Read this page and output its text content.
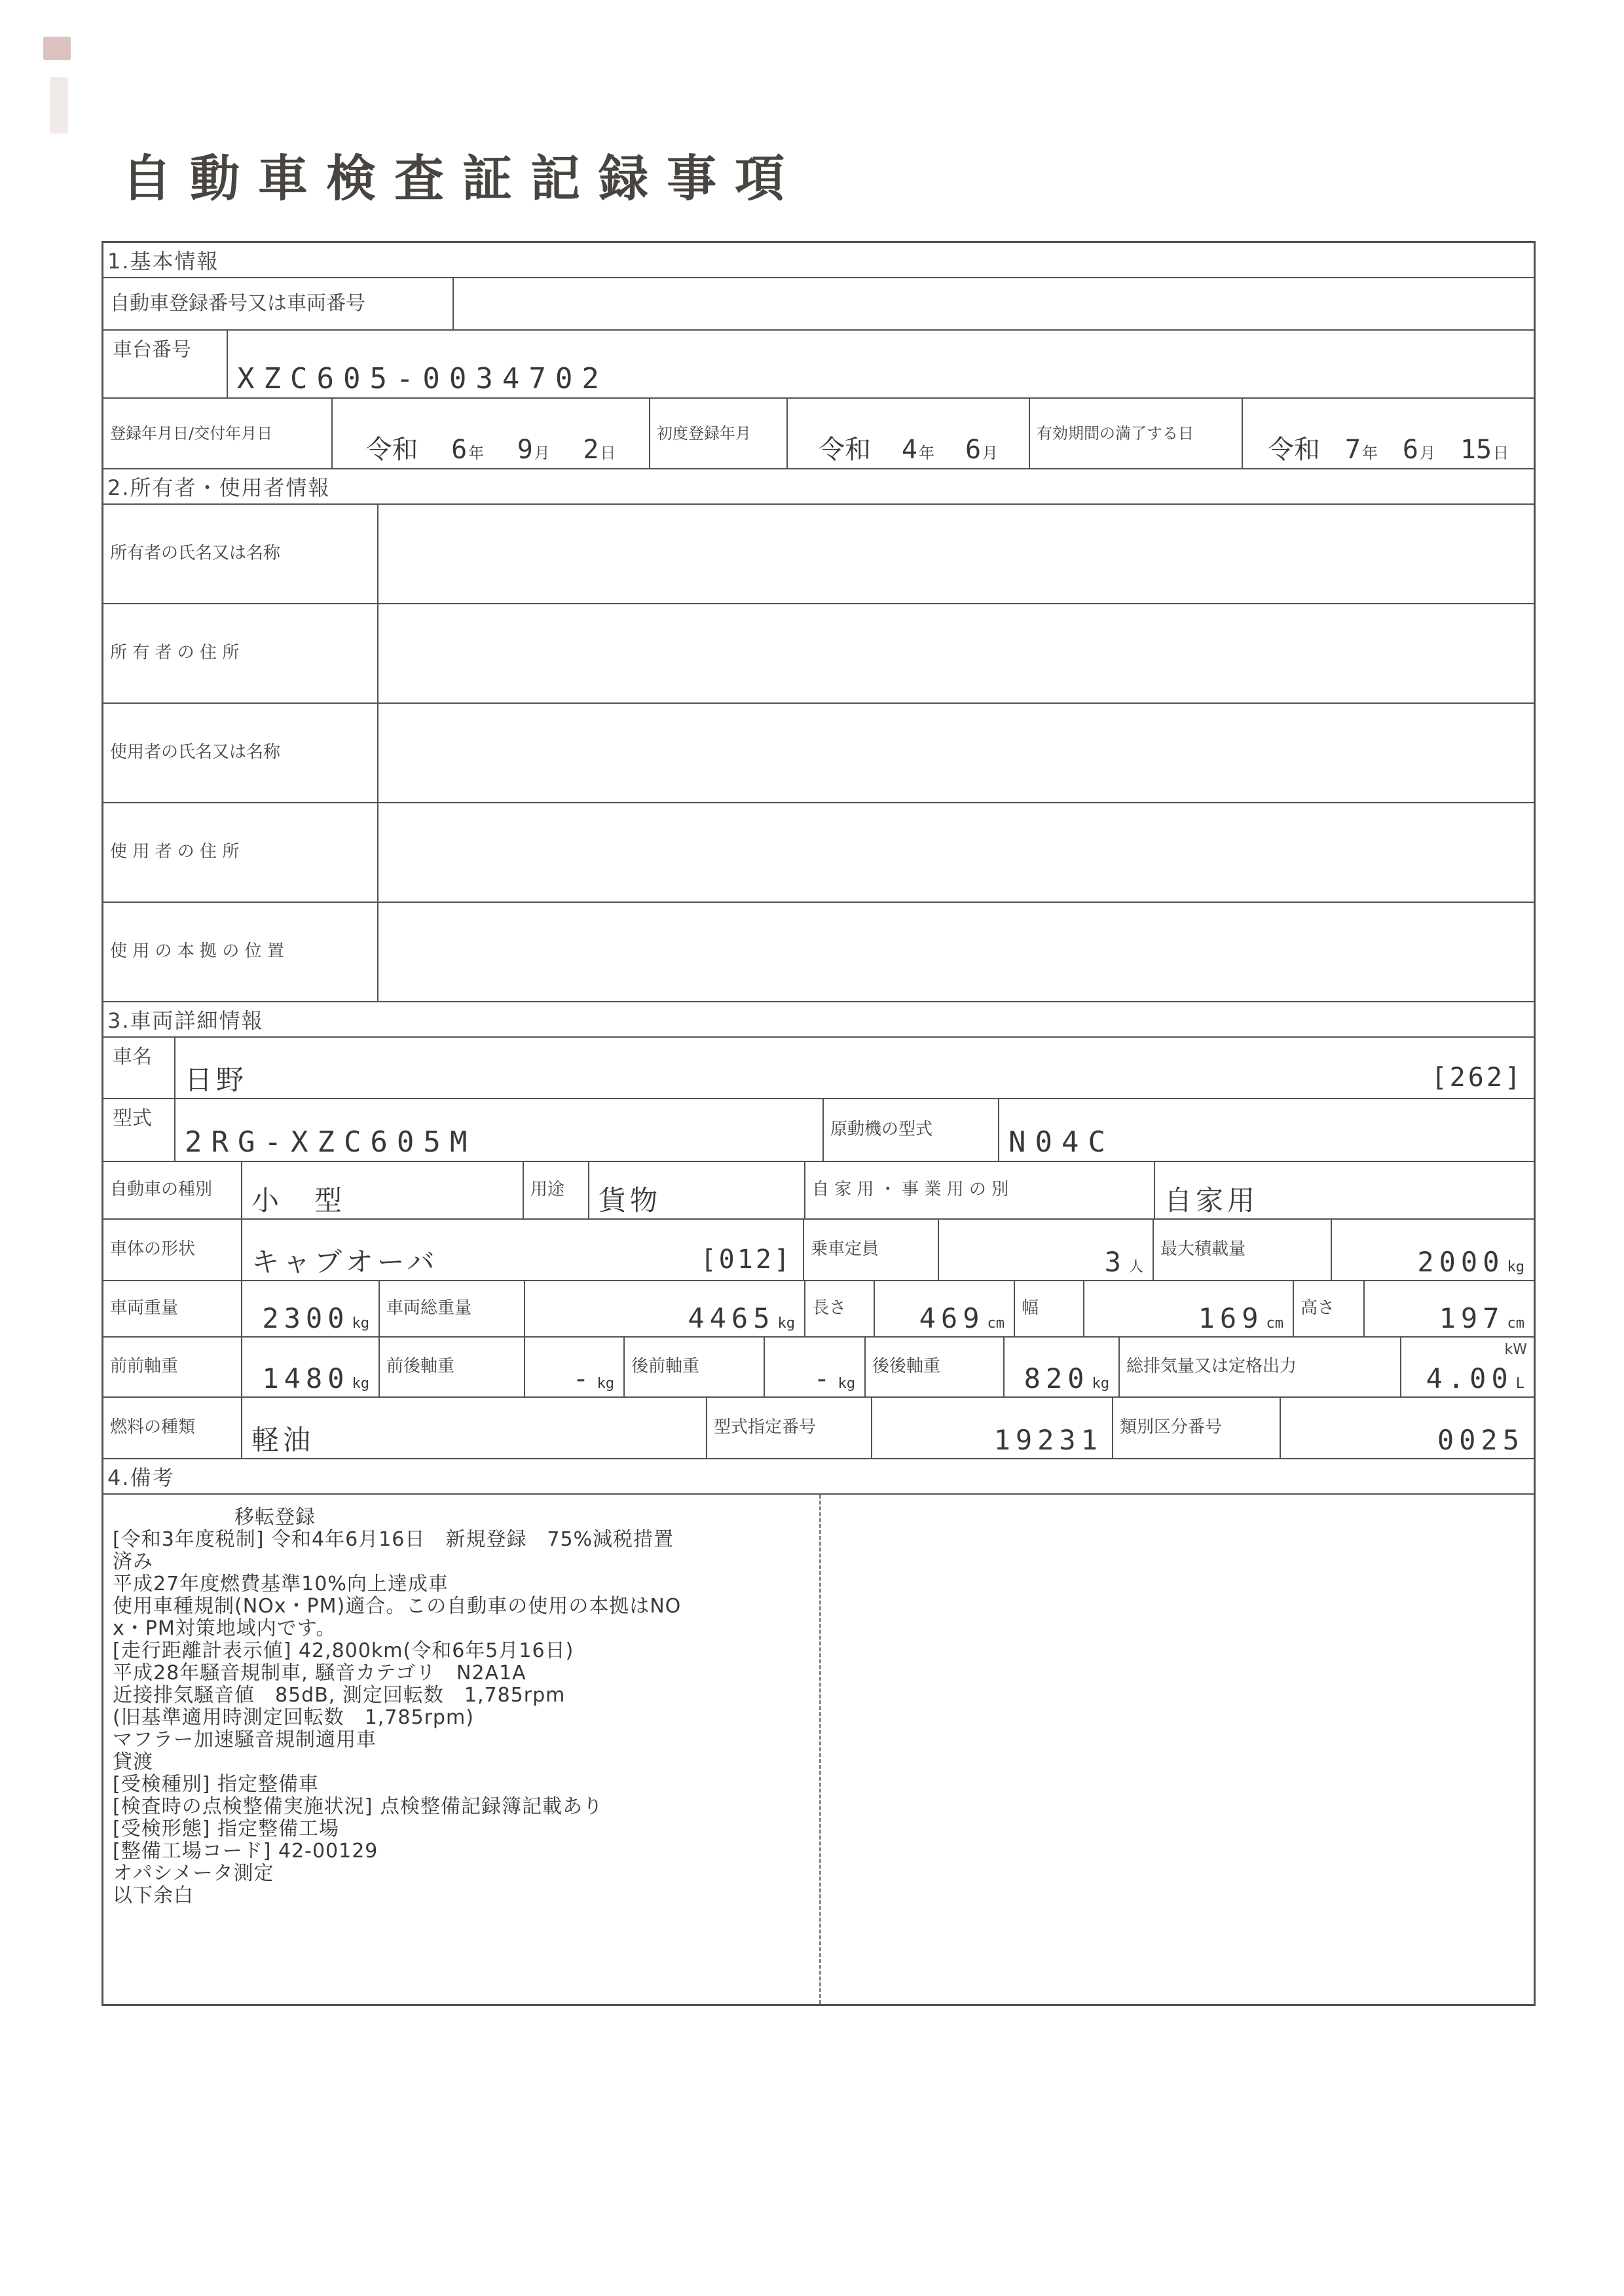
自動車検査証記録事項
1.基本情報
自動車登録番号又は車両番号
車台番号
XZC605-0034702
登録年月日/交付年月日
令和 6年 9月 2日
初度登録年月
令和 4年 6月
有効期間の満了する日
令和 7年 6月 15日
2.所有者・使用者情報
所有者の氏名又は名称
所 有 者 の 住 所
使用者の氏名又は名称
使 用 者 の 住 所
使 用 の 本 拠 の 位 置
3.車両詳細情報
車名
日野	[262]
型式
2RG-XZC605M	原動機の型式	N04C
自動車の種別 小　型	用途 貨物	自 家 用 ・ 事 業 用 の 別	自家用
車体の形状 キャブオーバ	[012]	乗車定員	3 人
最大積載量	2000 kg
車両重量	2300 kg
車両総重量	4465 kg
長さ	469 cm
幅	169 cm
高さ	197 cm
前前軸重	1480 kg
前後軸重	- kg
後前軸重	- kg
後後軸重	820 kg
総排気量又は定格出力
kW
4.00 L
燃料の種類 軽油	型式指定番号	19231	類別区分番号	0025
4.備考
　　　　　　移転登録
[令和3年度税制] 令和4年6月16日　新規登録　75%減税措置
済み
平成27年度燃費基準10%向上達成車
使用車種規制(NOx・PM)適合。この自動車の使用の本拠はNO
x・PM対策地域内です。
[走行距離計表示値] 42,800km(令和6年5月16日)
平成28年騒音規制車, 騒音カテゴリ　N2A1A
近接排気騒音値　85dB, 測定回転数　1,785rpm
(旧基準適用時測定回転数　1,785rpm)
マフラー加速騒音規制適用車
貸渡
[受検種別] 指定整備車
[検査時の点検整備実施状況] 点検整備記録簿記載あり
[受検形態] 指定整備工場
[整備工場コード] 42-00129
オパシメータ測定
以下余白
